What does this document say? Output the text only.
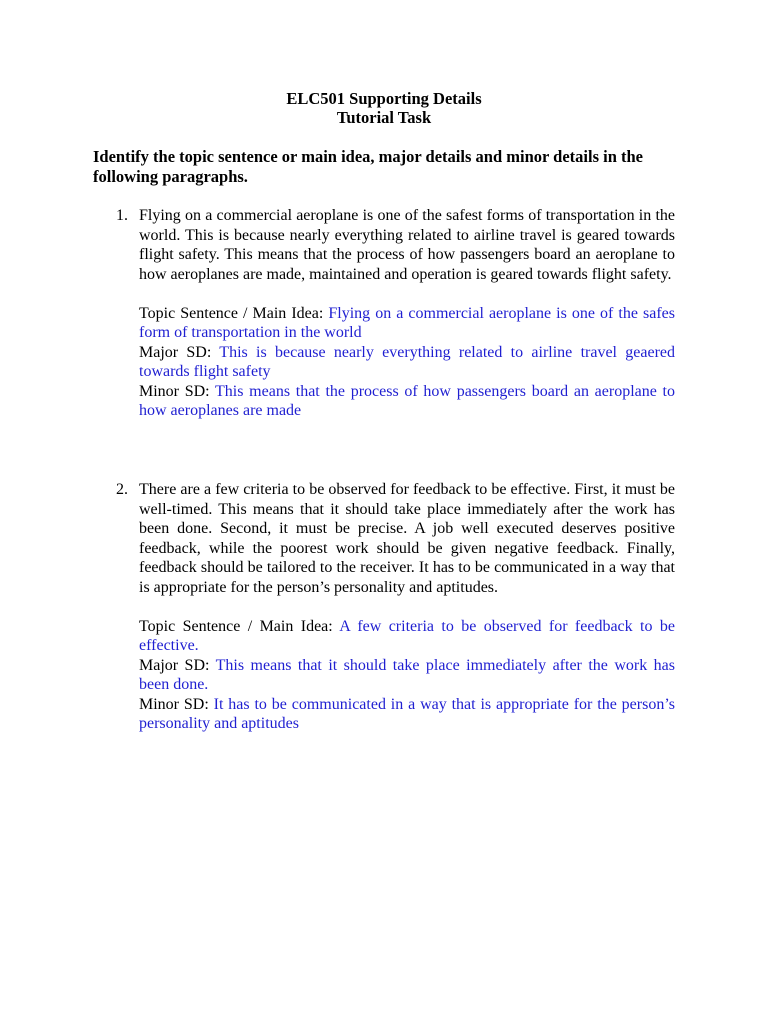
ELC501 Supporting Details
Tutorial Task
Identify the topic sentence or main idea, major details and minor details in the following paragraphs.
1. Flying on a commercial aeroplane is one of the safest forms of transportation in the world. This is because nearly everything related to airline travel is geared towards flight safety. This means that the process of how passengers board an aeroplane to how aeroplanes are made, maintained and operation is geared towards flight safety.

Topic Sentence / Main Idea: Flying on a commercial aeroplane is one of the safes form of transportation in the world

Major SD: This is because nearly everything related to airline travel geaered towards flight safety

Minor SD: This means that the process of how passengers board an aeroplane to how aeroplanes are made

2. There are a few criteria to be observed for feedback to be effective. First, it must be well-timed. This means that it should take place immediately after the work has been done. Second, it must be precise. A job well executed deserves positive feedback, while the poorest work should be given negative feedback. Finally, feedback should be tailored to the receiver. It has to be communicated in a way that is appropriate for the person’s personality and aptitudes.

Topic Sentence / Main Idea: A few criteria to be observed for feedback to be effective.

Major SD: This means that it should take place immediately after the work has been done.

Minor SD: It has to be communicated in a way that is appropriate for the person’s personality and aptitudes
